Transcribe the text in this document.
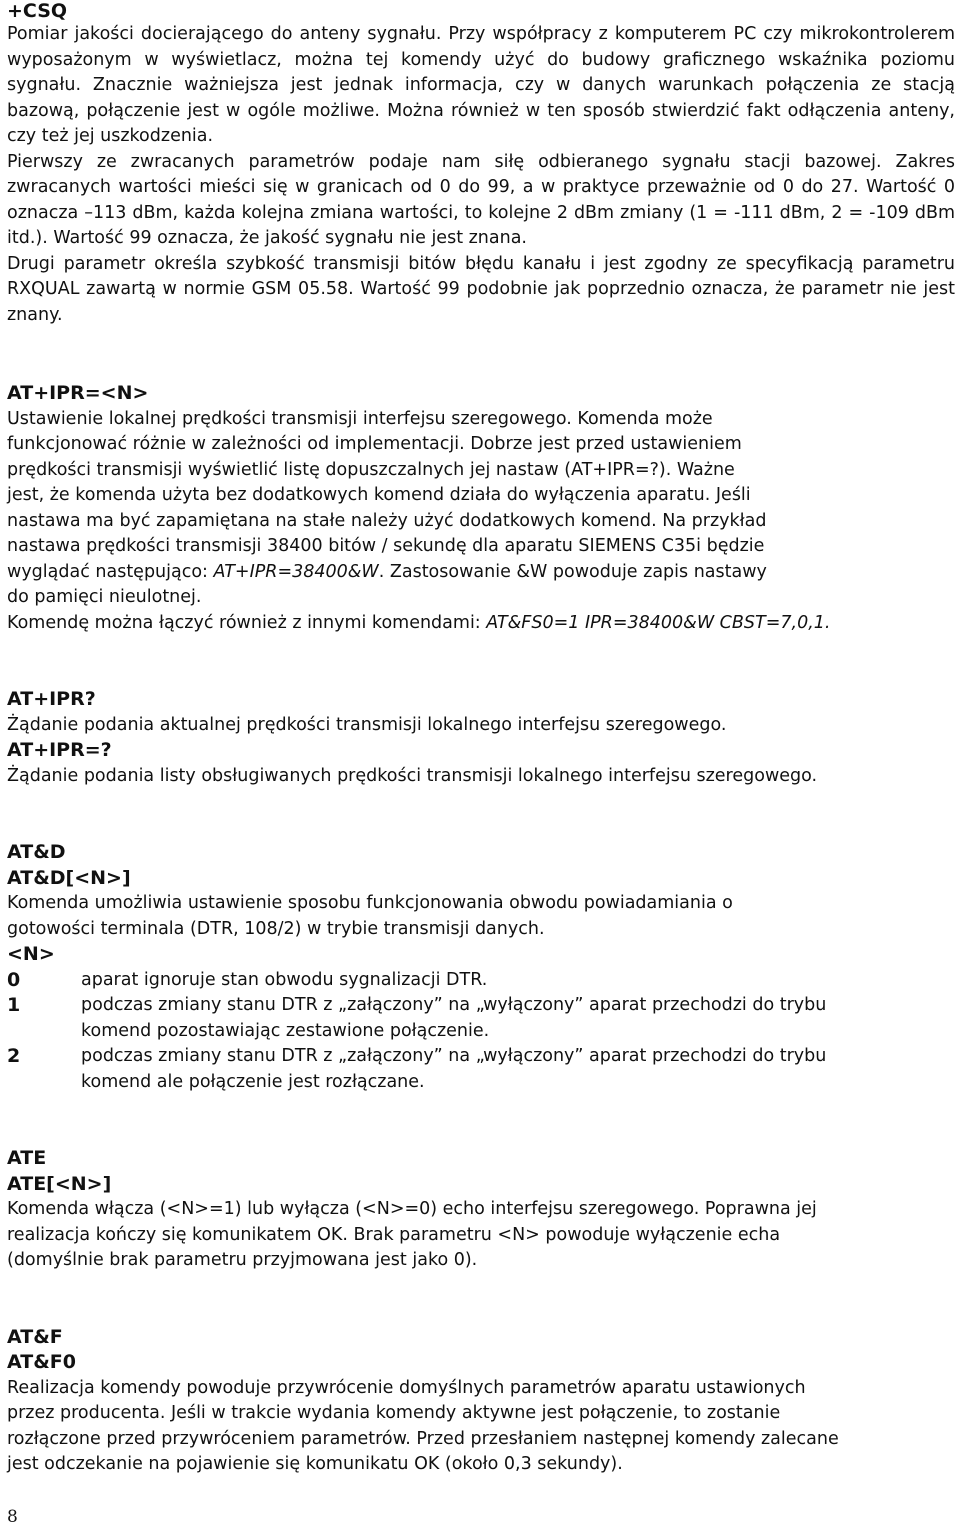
+CSQ

Pomiar jakości docierającego do anteny sygnału. Przy współpracy z komputerem PC czy mikrokontrolerem wyposażonym w wyświetlacz, można tej komendy użyć do budowy graficznego wskaźnika poziomu sygnału. Znacznie ważniejsza jest jednak informacja, czy w danych warunkach połączenia ze stacją bazową, połączenie jest w ogóle możliwe. Można również w ten sposób stwierdzić fakt odłączenia anteny, czy też jej uszkodzenia.

Pierwszy ze zwracanych parametrów podaje nam siłę odbieranego sygnału stacji bazowej. Zakres zwracanych wartości mieści się w granicach od 0 do 99, a w praktyce przeważnie od 0 do 27. Wartość 0 oznacza –113 dBm, każda kolejna zmiana wartości, to kolejne 2 dBm zmiany (1 = -111 dBm, 2 = -109 dBm itd.). Wartość 99 oznacza, że jakość sygnału nie jest znana.

Drugi parametr określa szybkość transmisji bitów błędu kanału i jest zgodny ze specyfikacją parametru RXQUAL zawartą w normie GSM 05.58. Wartość 99 podobnie jak poprzednio oznacza, że parametr nie jest znany.

AT+IPR=<N>

Ustawienie lokalnej prędkości transmisji interfejsu szeregowego. Komenda może funkcjonować różnie w zależności od implementacji. Dobrze jest przed ustawieniem prędkości transmisji wyświetlić listę dopuszczalnych jej nastaw (AT+IPR=?). Ważne jest, że komenda użyta bez dodatkowych komend działa do wyłączenia aparatu. Jeśli nastawa ma być zapamiętana na stałe należy użyć dodatkowych komend. Na przykład nastawa prędkości transmisji 38400 bitów / sekundę dla aparatu SIEMENS C35i będzie wyglądać następująco: AT+IPR=38400&W. Zastosowanie &W powoduje zapis nastawy do pamięci nieulotnej.

Komendę można łączyć również z innymi komendami: AT&FS0=1 IPR=38400&W CBST=7,0,1.

AT+IPR?

Żądanie podania aktualnej prędkości transmisji lokalnego interfejsu szeregowego.

AT+IPR=?

Żądanie podania listy obsługiwanych prędkości transmisji lokalnego interfejsu szeregowego.

AT&D
AT&D[<N>]

Komenda umożliwia ustawienie sposobu funkcjonowania obwodu powiadamiania o gotowości terminala (DTR, 108/2) w trybie transmisji danych.

<N>
0	aparat ignoruje stan obwodu sygnalizacji DTR.
1	podczas zmiany stanu DTR z „załączony” na „wyłączony” aparat przechodzi do trybu komend pozostawiając zestawione połączenie.
2	podczas zmiany stanu DTR z „załączony” na „wyłączony” aparat przechodzi do trybu komend ale połączenie jest rozłączane.
ATE
ATE[<N>]

Komenda włącza (<N>=1) lub wyłącza (<N>=0) echo interfejsu szeregowego. Poprawna jej realizacja kończy się komunikatem OK. Brak parametru <N> powoduje wyłączenie echa (domyślnie brak parametru przyjmowana jest jako 0).

AT&F
AT&F0

Realizacja komendy powoduje przywrócenie domyślnych parametrów aparatu ustawionych przez producenta. Jeśli w trakcie wydania komendy aktywne jest połączenie, to zostanie rozłączone przed przywróceniem parametrów. Przed przesłaniem następnej komendy zalecane jest odczekanie na pojawienie się komunikatu OK (około 0,3 sekundy).

8
